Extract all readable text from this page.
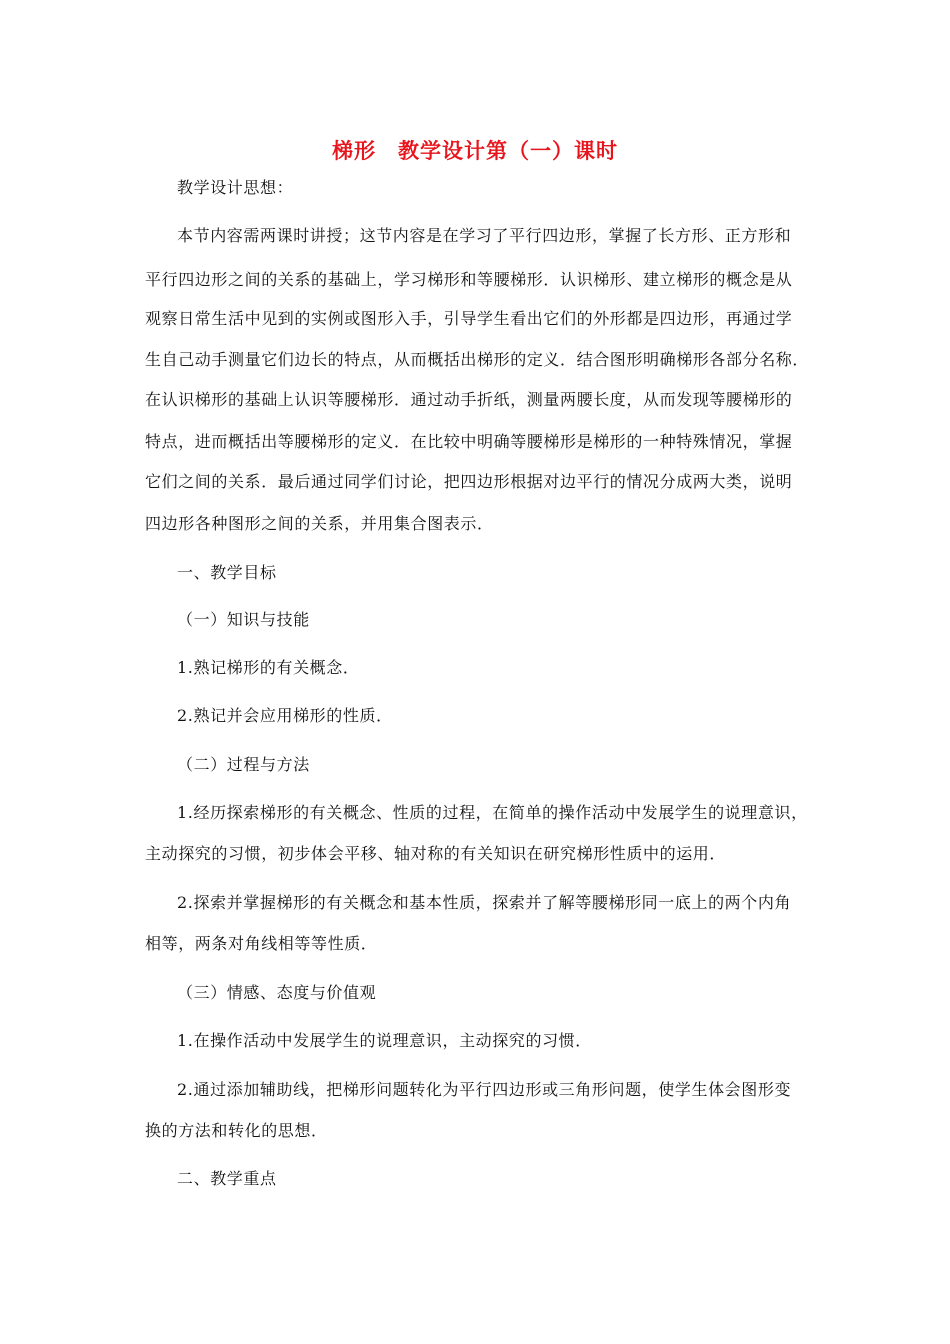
梯形　教学设计第（一）课时
教学设计思想：
本节内容需两课时讲授；这节内容是在学习了平行四边形，掌握了长方形、正方形和
平行四边形之间的关系的基础上，学习梯形和等腰梯形．认识梯形、建立梯形的概念是从
观察日常生活中见到的实例或图形入手，引导学生看出它们的外形都是四边形，再通过学
生自己动手测量它们边长的特点，从而概括出梯形的定义．结合图形明确梯形各部分名称．
在认识梯形的基础上认识等腰梯形．通过动手折纸，测量两腰长度，从而发现等腰梯形的
特点，进而概括出等腰梯形的定义．在比较中明确等腰梯形是梯形的一种特殊情况，掌握
它们之间的关系．最后通过同学们讨论，把四边形根据对边平行的情况分成两大类，说明
四边形各种图形之间的关系，并用集合图表示．
一、教学目标
（一）知识与技能
1.熟记梯形的有关概念．
2.熟记并会应用梯形的性质．
（二）过程与方法
1.经历探索梯形的有关概念、性质的过程，在简单的操作活动中发展学生的说理意识，
主动探究的习惯，初步体会平移、轴对称的有关知识在研究梯形性质中的运用．
2.探索并掌握梯形的有关概念和基本性质，探索并了解等腰梯形同一底上的两个内角
相等，两条对角线相等等性质．
（三）情感、态度与价值观
1.在操作活动中发展学生的说理意识，主动探究的习惯．
2.通过添加辅助线，把梯形问题转化为平行四边形或三角形问题，使学生体会图形变
换的方法和转化的思想．
二、教学重点
